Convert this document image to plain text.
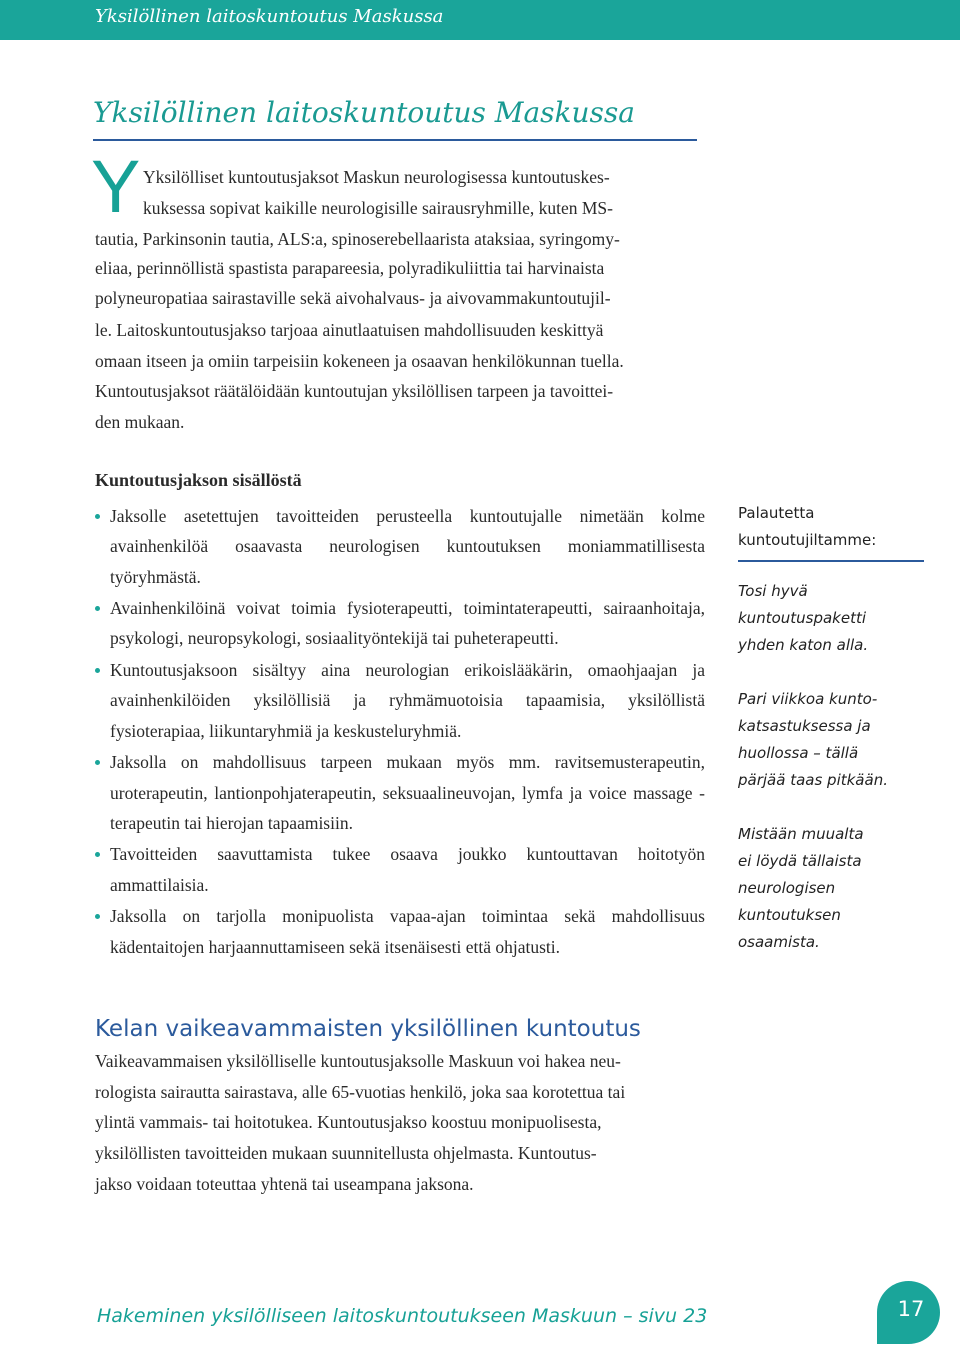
Yksilöllinen laitoskuntoutus Maskussa
Yksilöllinen laitoskuntoutus Maskussa
Y Yksilölliset kuntoutusjaksot Maskun neurologisessa kuntoutuskes-
kuksessa sopivat kaikille neurologisille sairausryhmille, kuten MS-
tautia, Parkinsonin tautia, ALS:a, spinoserebellaarista ataksiaa, syringomy-
eliaa, perinnöllistä spastista parapareesia, polyradikuliittia tai harvinaista
polyneuropatiaa sairastaville sekä aivohalvaus- ja aivovammakuntoutujil-
le. Laitoskuntoutusjakso tarjoaa ainutlaatuisen mahdollisuuden keskittyä
omaan itseen ja omiin tarpeisiin kokeneen ja osaavan henkilökunnan tuella.
Kuntoutusjaksot räätälöidään kuntoutujan yksilöllisen tarpeen ja tavoittei-
den mukaan.
Kuntoutusjakson sisällöstä
Jaksolle asetettujen tavoitteiden perusteella kuntoutujalle nimetään kolme avainhenkilöä osaavasta neurologisen kuntoutuksen moniammatillisesta työryhmästä.
Avainhenkilöinä voivat toimia fysioterapeutti, toimintaterapeutti, sairaanhoitaja, psykologi, neuropsykologi, sosiaalityöntekijä tai puheterapeutti.
Kuntoutusjaksoon sisältyy aina neurologian erikoislääkärin, omaohjaajan ja avainhenkilöiden yksilöllisiä ja ryhmämuotoisia tapaamisia, yksilöllistä fysioterapiaa, liikuntaryhmiä ja keskusteluryhmiä.
Jaksolla on mahdollisuus tarpeen mukaan myös mm. ravitsemusterapeutin, uroterapeutin, lantionpohjaterapeutin, seksuaalineuvojan, lymfa ja voice massage -terapeutin tai hierojan tapaamisiin.
Tavoitteiden saavuttamista tukee osaava joukko kuntouttavan hoitotyön ammattilaisia.
Jaksolla on tarjolla monipuolista vapaa-ajan toimintaa sekä mahdollisuus kädentaitojen harjaannuttamiseen sekä itsenäisesti että ohjatusti.
Palautetta
kuntoutujiltamme:

Tosi hyvä
kuntoutuspaketti
yhden katon alla.

Pari viikkoa kunto-
katsastuksessa ja
huollossa – tällä
pärjää taas pitkään.

Mistään muualta
ei löydä tällaista
neurologisen
kuntoutuksen
osaamista.

Kelan vaikeavammaisten yksilöllinen kuntoutus
Vaikeavammaisen yksilölliselle kuntoutusjaksolle Maskuun voi hakea neu-
rologista sairautta sairastava, alle 65-vuotias henkilö, joka saa korotettua tai
ylintä vammais- tai hoitotukea. Kuntoutusjakso koostuu monipuolisesta,
yksilöllisten tavoitteiden mukaan suunnitellusta ohjelmasta. Kuntoutus-
jakso voidaan toteuttaa yhtenä tai useampana jaksona.
Hakeminen yksilölliseen laitoskuntoutukseen Maskuun – sivu 23	17
